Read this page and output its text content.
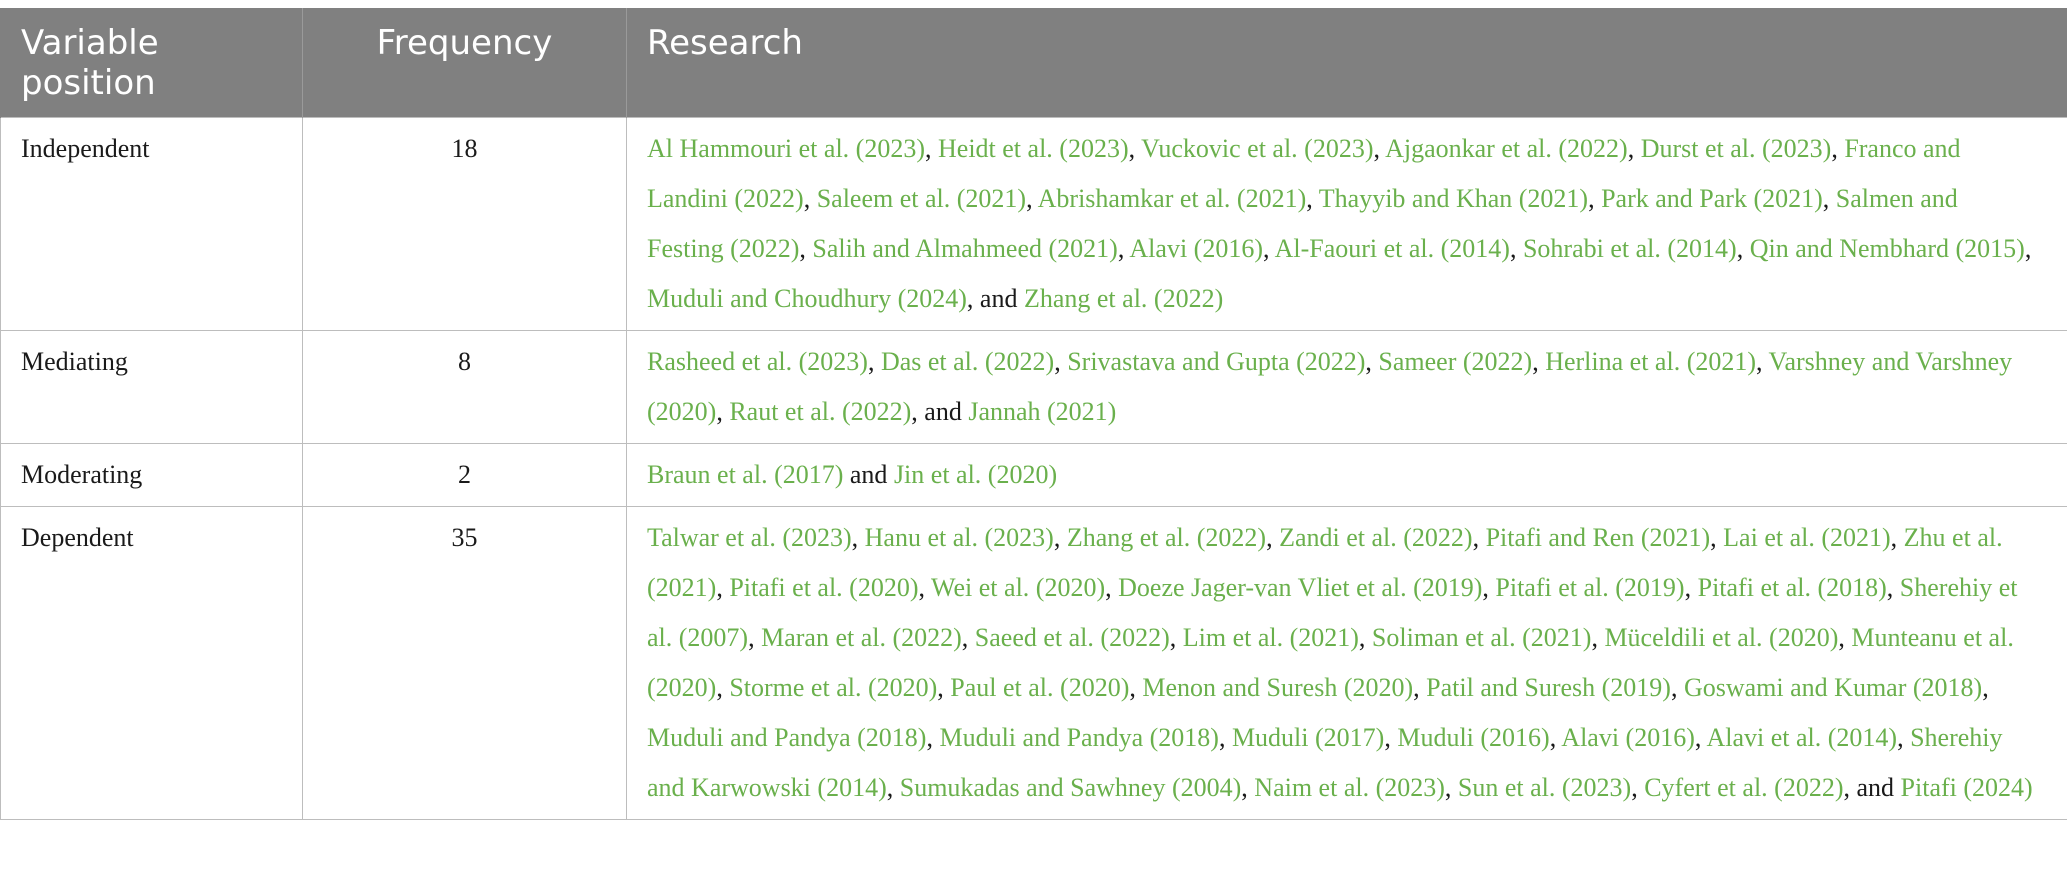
Variable position	Frequency	Research
Independent	18	Al Hammouri et al. (2023), Heidt et al. (2023), Vuckovic et al. (2023), Ajgaonkar et al. (2022), Durst et al. (2023), Franco and Landini (2022), Saleem et al. (2021), Abrishamkar et al. (2021), Thayyib and Khan (2021), Park and Park (2021), Salmen and Festing (2022), Salih and Almahmeed (2021), Alavi (2016), Al-Faouri et al. (2014), Sohrabi et al. (2014), Qin and Nembhard (2015), Muduli and Choudhury (2024), and Zhang et al. (2022)
Mediating	8	Rasheed et al. (2023), Das et al. (2022), Srivastava and Gupta (2022), Sameer (2022), Herlina et al. (2021), Varshney and Varshney (2020), Raut et al. (2022), and Jannah (2021)
Moderating	2	Braun et al. (2017) and Jin et al. (2020)
Dependent	35	Talwar et al. (2023), Hanu et al. (2023), Zhang et al. (2022), Zandi et al. (2022), Pitafi and Ren (2021), Lai et al. (2021), Zhu et al. (2021), Pitafi et al. (2020), Wei et al. (2020), Doeze Jager-van Vliet et al. (2019), Pitafi et al. (2019), Pitafi et al. (2018), Sherehiy et al. (2007), Maran et al. (2022), Saeed et al. (2022), Lim et al. (2021), Soliman et al. (2021), Müceldili et al. (2020), Munteanu et al. (2020), Storme et al. (2020), Paul et al. (2020), Menon and Suresh (2020), Patil and Suresh (2019), Goswami and Kumar (2018), Muduli and Pandya (2018), Muduli and Pandya (2018), Muduli (2017), Muduli (2016), Alavi (2016), Alavi et al. (2014), Sherehiy and Karwowski (2014), Sumukadas and Sawhney (2004), Naim et al. (2023), Sun et al. (2023), Cyfert et al. (2022), and Pitafi (2024)
